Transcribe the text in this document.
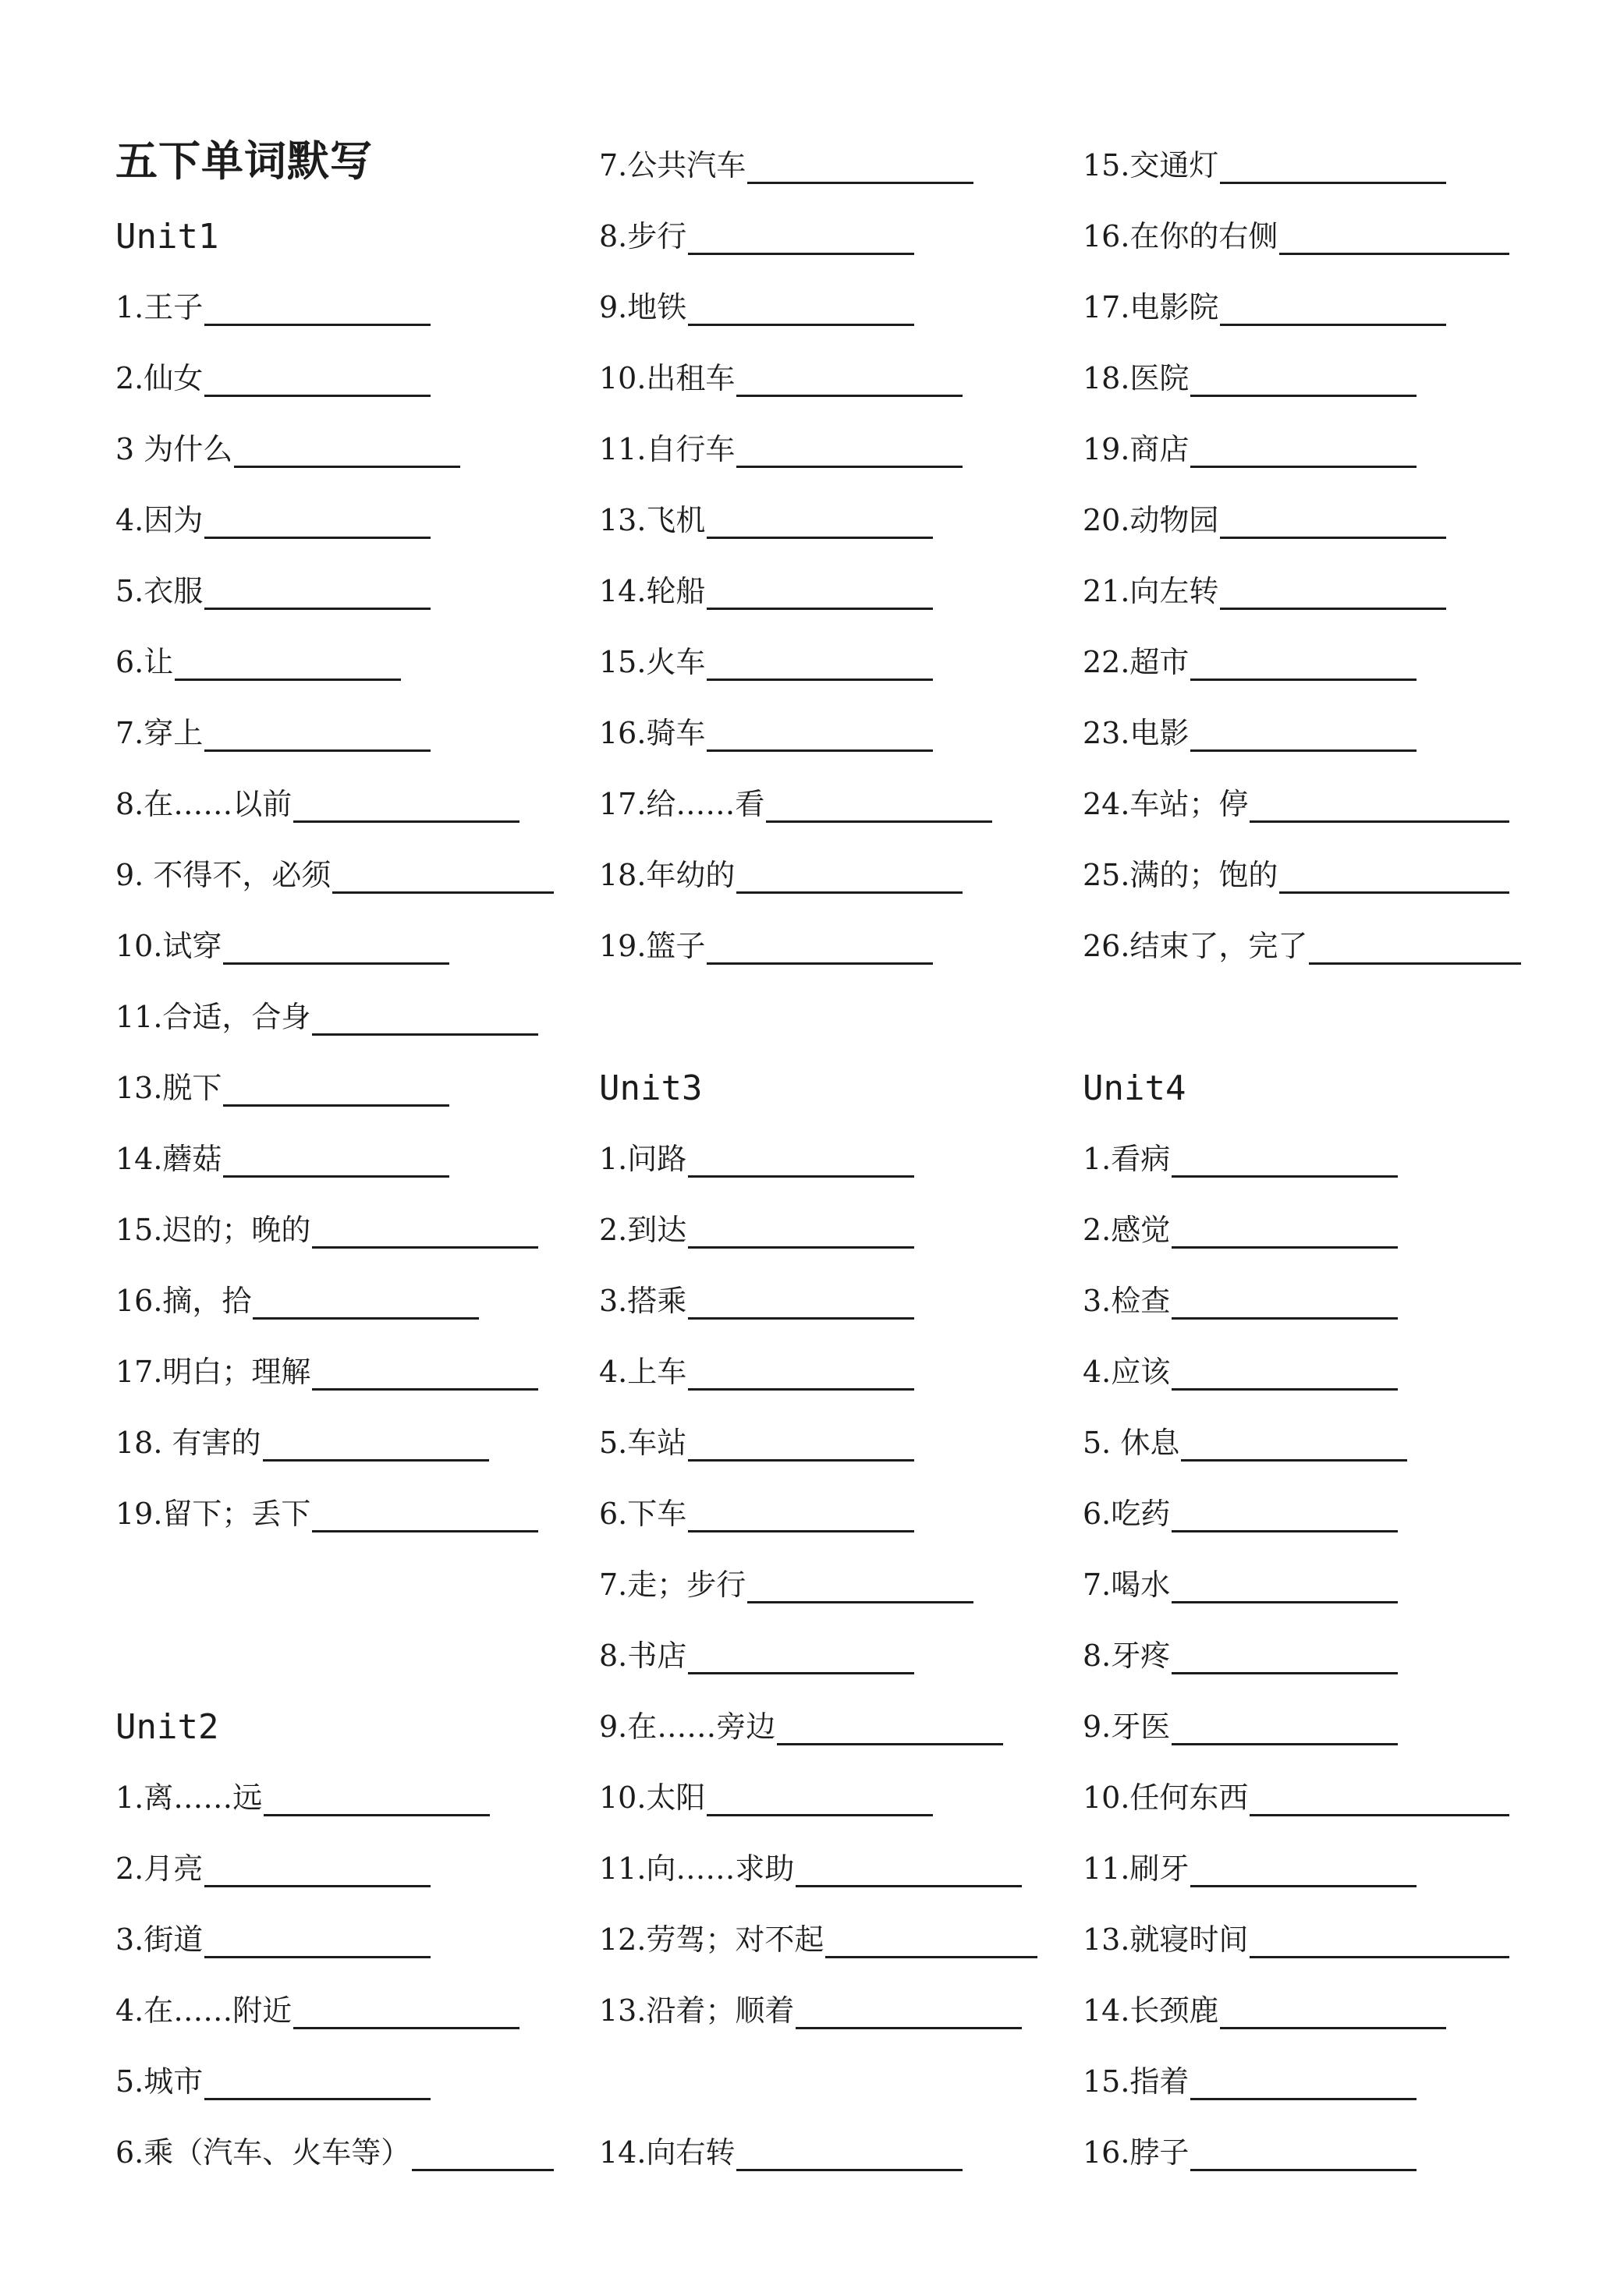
五下单词默写
Unit1
1.王子
2.仙女
3 为什么
4.因为
5.衣服
6.让
7.穿上
8.在……以前
9. 不得不，必须
10.试穿
11.合适，合身
13.脱下
14.蘑菇
15.迟的；晚的
16.摘，拾
17.明白；理解
18. 有害的
19.留下；丢下
Unit2
1.离……远
2.月亮
3.街道
4.在……附近
5.城市
6.乘（汽车、火车等）
7.公共汽车
8.步行
9.地铁
10.出租车
11.自行车
13.飞机
14.轮船
15.火车
16.骑车
17.给……看
18.年幼的
19.篮子
Unit3
1.问路
2.到达
3.搭乘
4.上车
5.车站
6.下车
7.走；步行
8.书店
9.在……旁边
10.太阳
11.向……求助
12.劳驾；对不起
13.沿着；顺着
14.向右转
15.交通灯
16.在你的右侧
17.电影院
18.医院
19.商店
20.动物园
21.向左转
22.超市
23.电影
24.车站；停
25.满的；饱的
26.结束了，完了
Unit4
1.看病
2.感觉
3.检查
4.应该
5. 休息
6.吃药
7.喝水
8.牙疼
9.牙医
10.任何东西
11.刷牙
13.就寝时间
14.长颈鹿
15.指着
16.脖子
